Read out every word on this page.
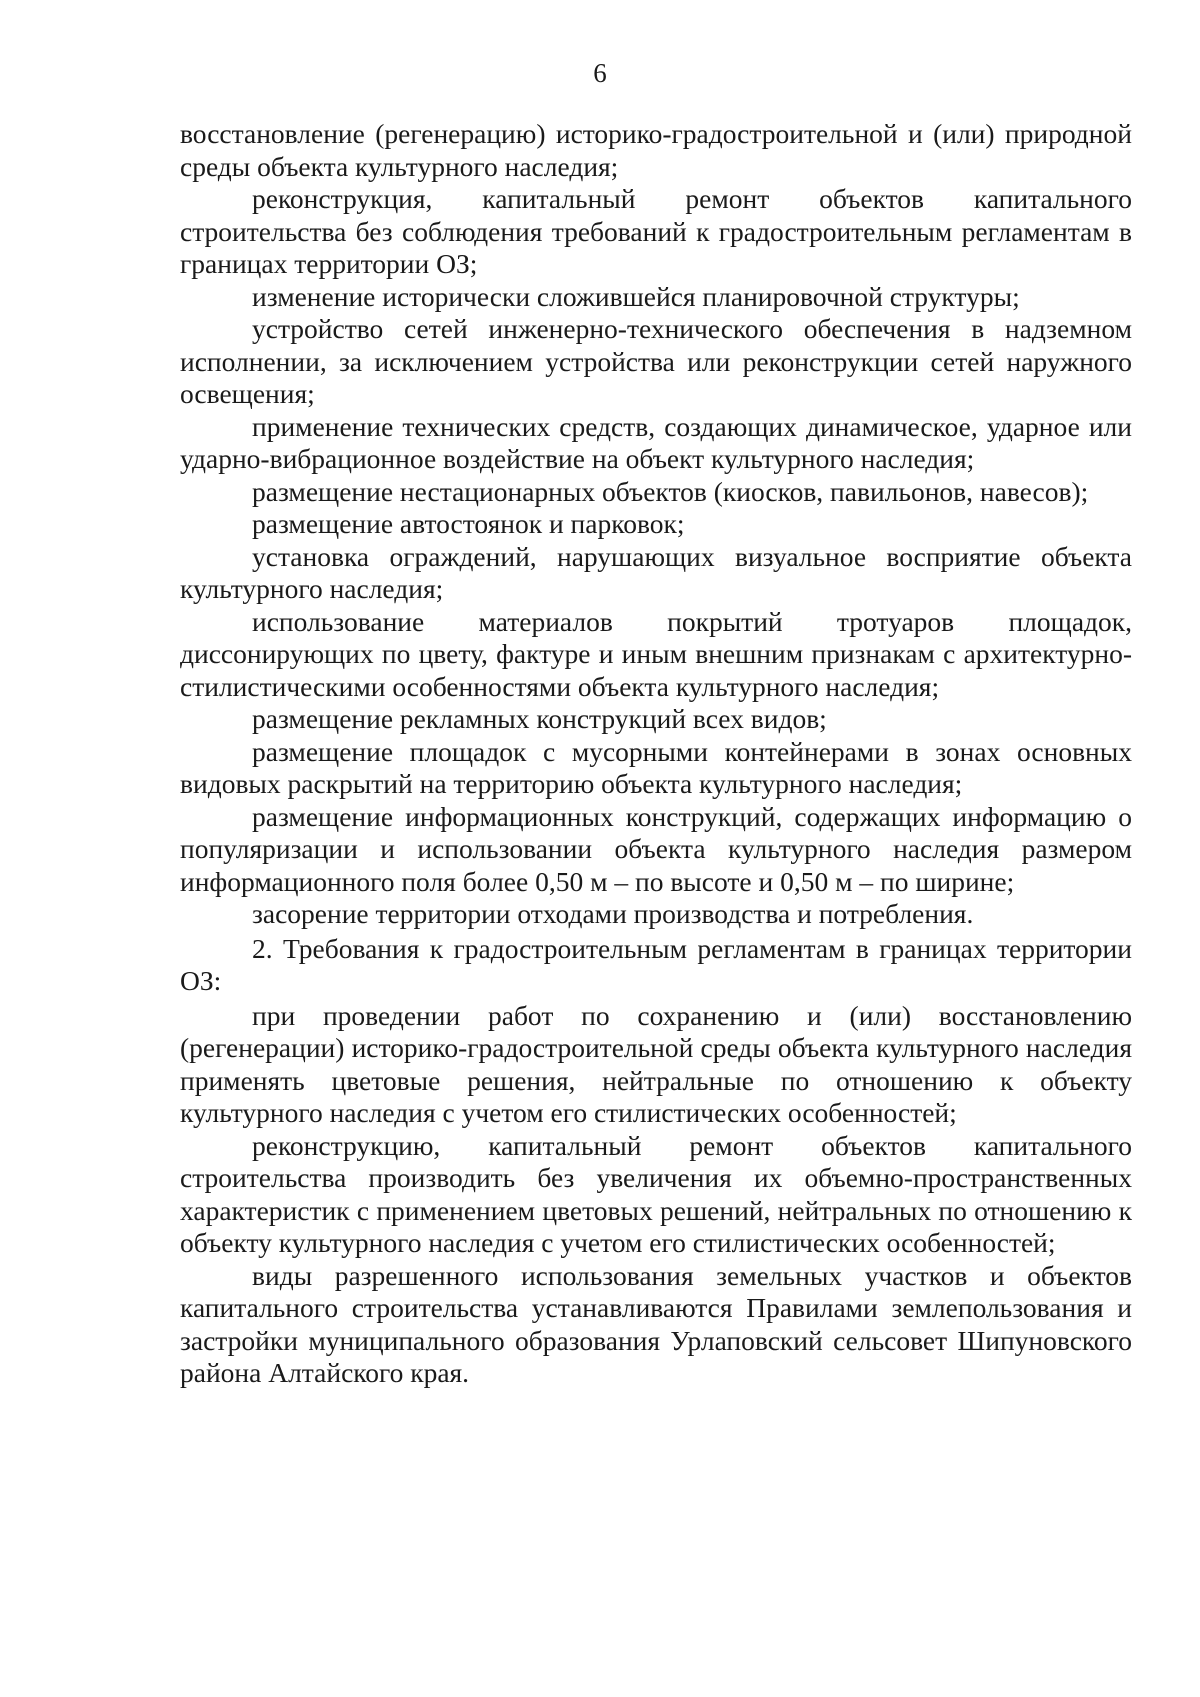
6

восстановление (регенерацию) историко-градостроительной и (или) природной среды объекта культурного наследия;

реконструкция, капитальный ремонт объектов капитального строительства без соблюдения требований к градостроительным регламентам в границах территории ОЗ;

изменение исторически сложившейся планировочной структуры;

устройство сетей инженерно-технического обеспечения в надземном исполнении, за исключением устройства или реконструкции сетей наружного освещения;

применение технических средств, создающих динамическое, ударное или ударно-вибрационное воздействие на объект культурного наследия;

размещение нестационарных объектов (киосков, павильонов, навесов);

размещение автостоянок и парковок;

установка ограждений, нарушающих визуальное восприятие объекта культурного наследия;

использование материалов покрытий тротуаров площадок, диссонирующих по цвету, фактуре и иным внешним признакам с архитектурно-стилистическими особенностями объекта культурного наследия;

размещение рекламных конструкций всех видов;

размещение площадок с мусорными контейнерами в зонах основных видовых раскрытий на территорию объекта культурного наследия;

размещение информационных конструкций, содержащих информацию о популяризации и использовании объекта культурного наследия размером информационного поля более 0,50 м – по высоте и 0,50 м – по ширине;

засорение территории отходами производства и потребления.

2. Требования к градостроительным регламентам в границах территории ОЗ:

при проведении работ по сохранению и (или) восстановлению (регенерации) историко-градостроительной среды объекта культурного наследия применять цветовые решения, нейтральные по отношению к объекту культурного наследия с учетом его стилистических особенностей;

реконструкцию, капитальный ремонт объектов капитального строительства производить без увеличения их объемно-пространственных характеристик с применением цветовых решений, нейтральных по отношению к объекту культурного наследия с учетом его стилистических особенностей;

виды разрешенного использования земельных участков и объектов капитального строительства устанавливаются Правилами землепользования и застройки муниципального образования Урлаповский сельсовет Шипуновского района Алтайского края.
